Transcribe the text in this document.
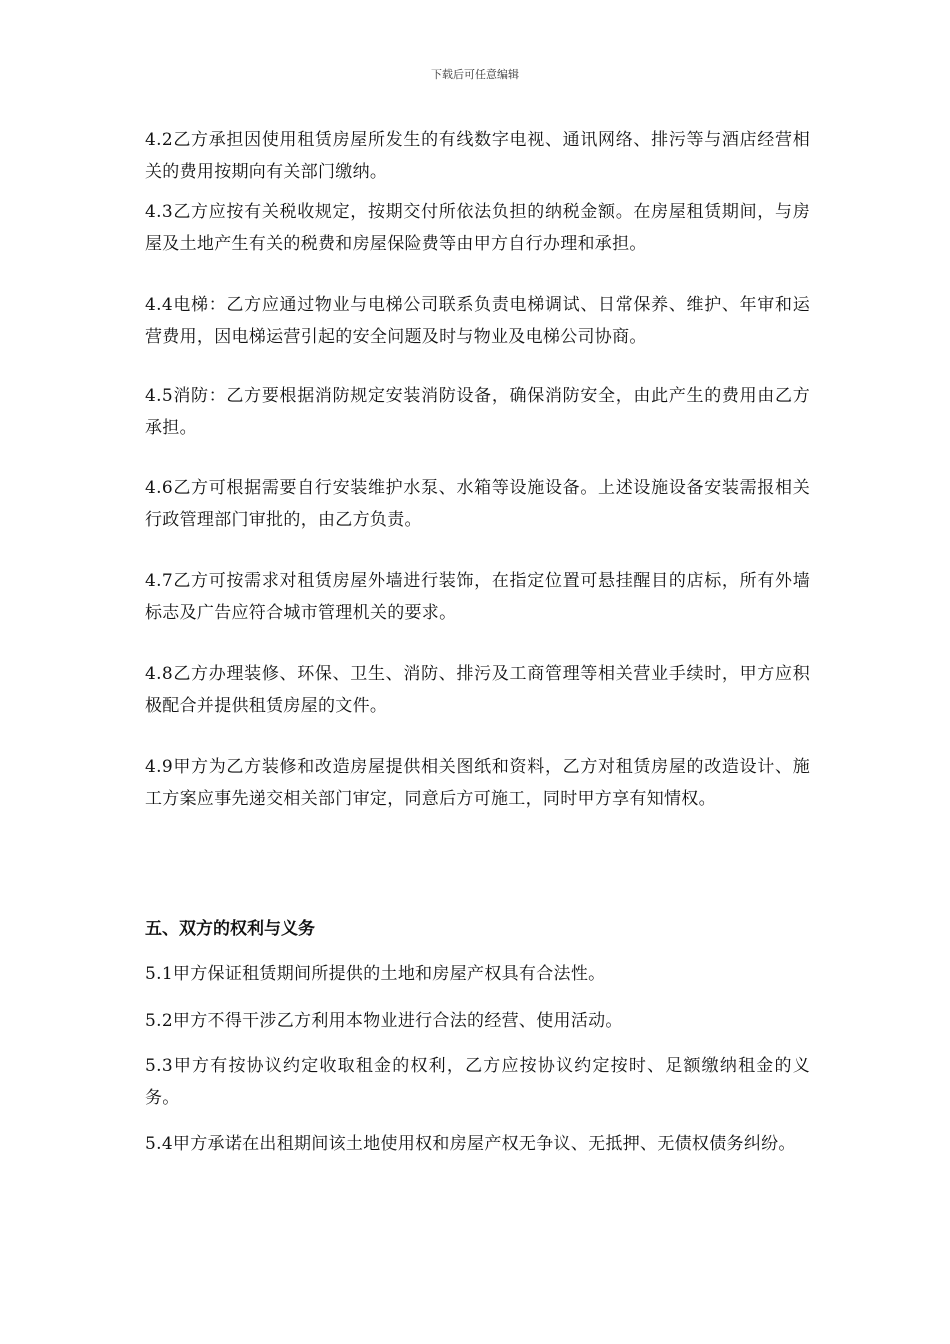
下载后可任意编辑

4.2乙方承担因使用租赁房屋所发生的有线数字电视、通讯网络、排污等与酒店经营相关的费用按期向有关部门缴纳。

4.3乙方应按有关税收规定，按期交付所依法负担的纳税金额。在房屋租赁期间，与房屋及土地产生有关的税费和房屋保险费等由甲方自行办理和承担。

4.4电梯：乙方应通过物业与电梯公司联系负责电梯调试、日常保养、维护、年审和运营费用，因电梯运营引起的安全问题及时与物业及电梯公司协商。

4.5消防：乙方要根据消防规定安装消防设备，确保消防安全，由此产生的费用由乙方承担。

4.6乙方可根据需要自行安装维护水泵、水箱等设施设备。上述设施设备安装需报相关行政管理部门审批的，由乙方负责。

4.7乙方可按需求对租赁房屋外墙进行装饰，在指定位置可悬挂醒目的店标，所有外墙标志及广告应符合城市管理机关的要求。

4.8乙方办理装修、环保、卫生、消防、排污及工商管理等相关营业手续时，甲方应积极配合并提供租赁房屋的文件。

4.9甲方为乙方装修和改造房屋提供相关图纸和资料，乙方对租赁房屋的改造设计、施工方案应事先递交相关部门审定，同意后方可施工，同时甲方享有知情权。

五、双方的权利与义务

5.1甲方保证租赁期间所提供的土地和房屋产权具有合法性。

5.2甲方不得干涉乙方利用本物业进行合法的经营、使用活动。

5.3甲方有按协议约定收取租金的权利，乙方应按协议约定按时、足额缴纳租金的义务。

5.4甲方承诺在出租期间该土地使用权和房屋产权无争议、无抵押、无债权债务纠纷。
